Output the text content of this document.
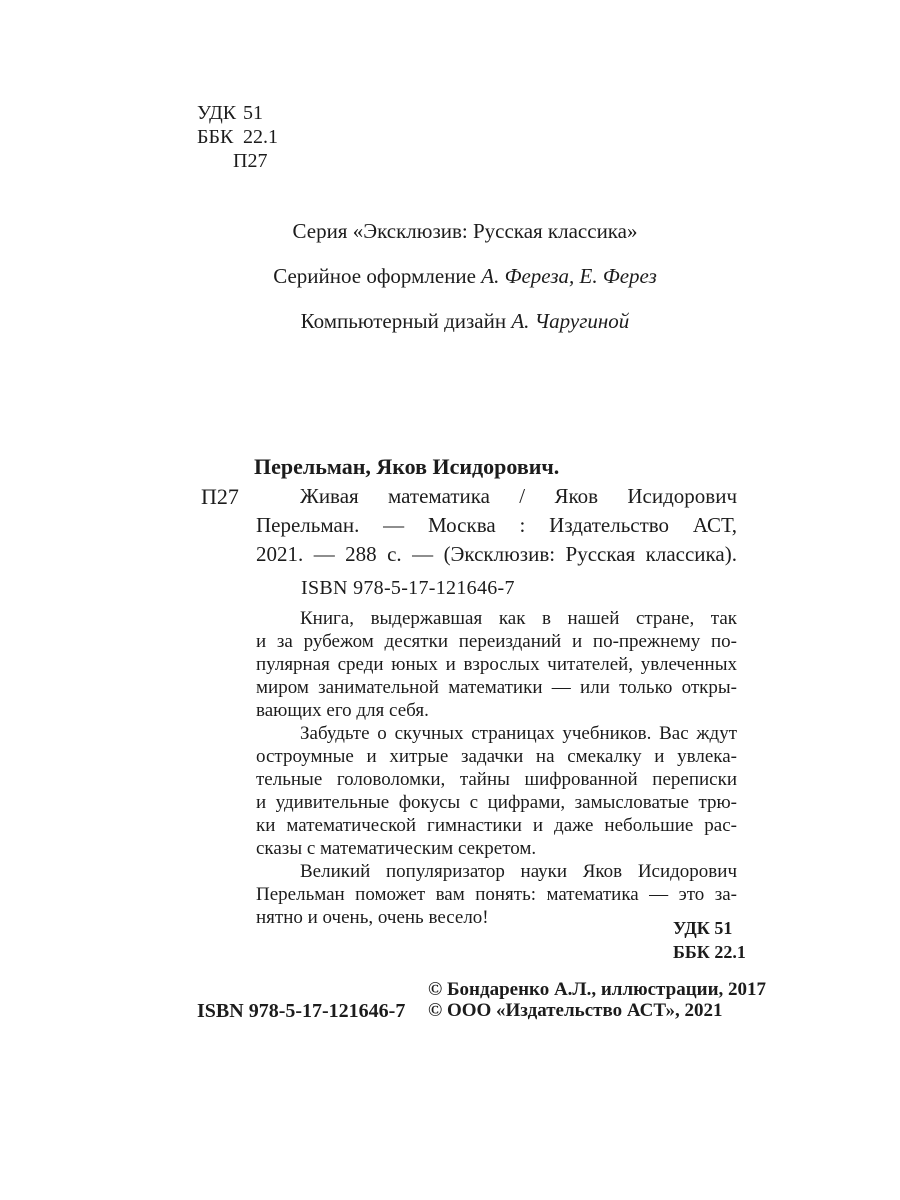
УДК 51
ББК 22.1
П27
Серия «Эксклюзив: Русская классика»
Серийное оформление А. Фереза, Е. Ферез
Компьютерный дизайн А. Чаругиной
Перельман, Яков Исидорович.
П27	Живая математика / Яков Исидорович
Перельман. — Москва : Издательство АСТ,
2021. — 288 с. — (Эксклюзив: Русская классика).
ISBN 978-5-17-121646-7
Книга, выдержавшая как в нашей стране, так
и за рубежом десятки переизданий и по-прежнему по-
пулярная среди юных и взрослых читателей, увлеченных
миром занимательной математики — или только откры-
вающих его для себя.
Забудьте о скучных страницах учебников. Вас ждут
остроумные и хитрые задачки на смекалку и увлека-
тельные головоломки, тайны шифрованной переписки
и удивительные фокусы с цифрами, замысловатые трю-
ки математической гимнастики и даже небольшие рас-
сказы с математическим секретом.
Великий популяризатор науки Яков Исидорович
Перельман поможет вам понять: математика — это за-
нятно и очень, очень весело!	УДК 51
ББК 22.1
ISBN 978-5-17-121646-7
© Бондаренко А.Л., иллюстрации, 2017
© ООО «Издательство АСТ», 2021
